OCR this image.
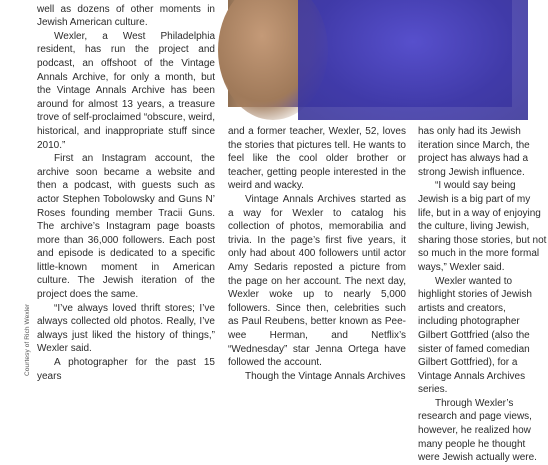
Courtesy of Rich Wexler

well as dozens of other moments in Jewish American culture.

Wexler, a West Philadelphia resident, has run the project and podcast, an offshoot of the Vintage Annals Archive, for only a month, but the Vintage Annals Archive has been around for almost 13 years, a treasure trove of self-proclaimed “obscure, weird, historical, and inappropriate stuff since 2010.”

First an Instagram account, the archive soon became a website and then a podcast, with guests such as actor Stephen Tobolowsky and Guns N’ Roses founding member Tracii Guns. The archive’s Instagram page boasts more than 36,000 followers. Each post and episode is dedicated to a specific little-known moment in American culture. The Jewish iteration of the project does the same.

“I’ve always loved thrift stores; I’ve always collected old photos. Really, I’ve always just liked the history of things,” Wexler said.

A photographer for the past 15 years

and a former teacher, Wexler, 52, loves the stories that pictures tell. He wants to feel like the cool older brother or teacher, getting people interested in the weird and wacky.

Vintage Annals Archives started as a way for Wexler to catalog his collection of photos, memorabilia and trivia. In the page’s first five years, it only had about 400 followers until actor Amy Sedaris reposted a picture from the page on her account. The next day, Wexler woke up to nearly 5,000 followers. Since then, celebrities such as Paul Reubens, better known as Pee-wee Herman, and Netflix’s “Wednesday” star Jenna Ortega have followed the account.

Though the Vintage Annals Archives

has only had its Jewish iteration since March, the project has always had a strong Jewish influence.

“I would say being Jewish is a big part of my life, but in a way of enjoying the culture, living Jewish, sharing those stories, but not so much in the more formal ways,” Wexler said.

Wexler wanted to highlight stories of Jewish artists and creators, including photographer Gilbert Gottfried (also the sister of famed comedian Gilbert Gottfried), for a Vintage Annals Archives series.

Through Wexler’s research and page views, however, he realized how many people he thought were Jewish actually were.
